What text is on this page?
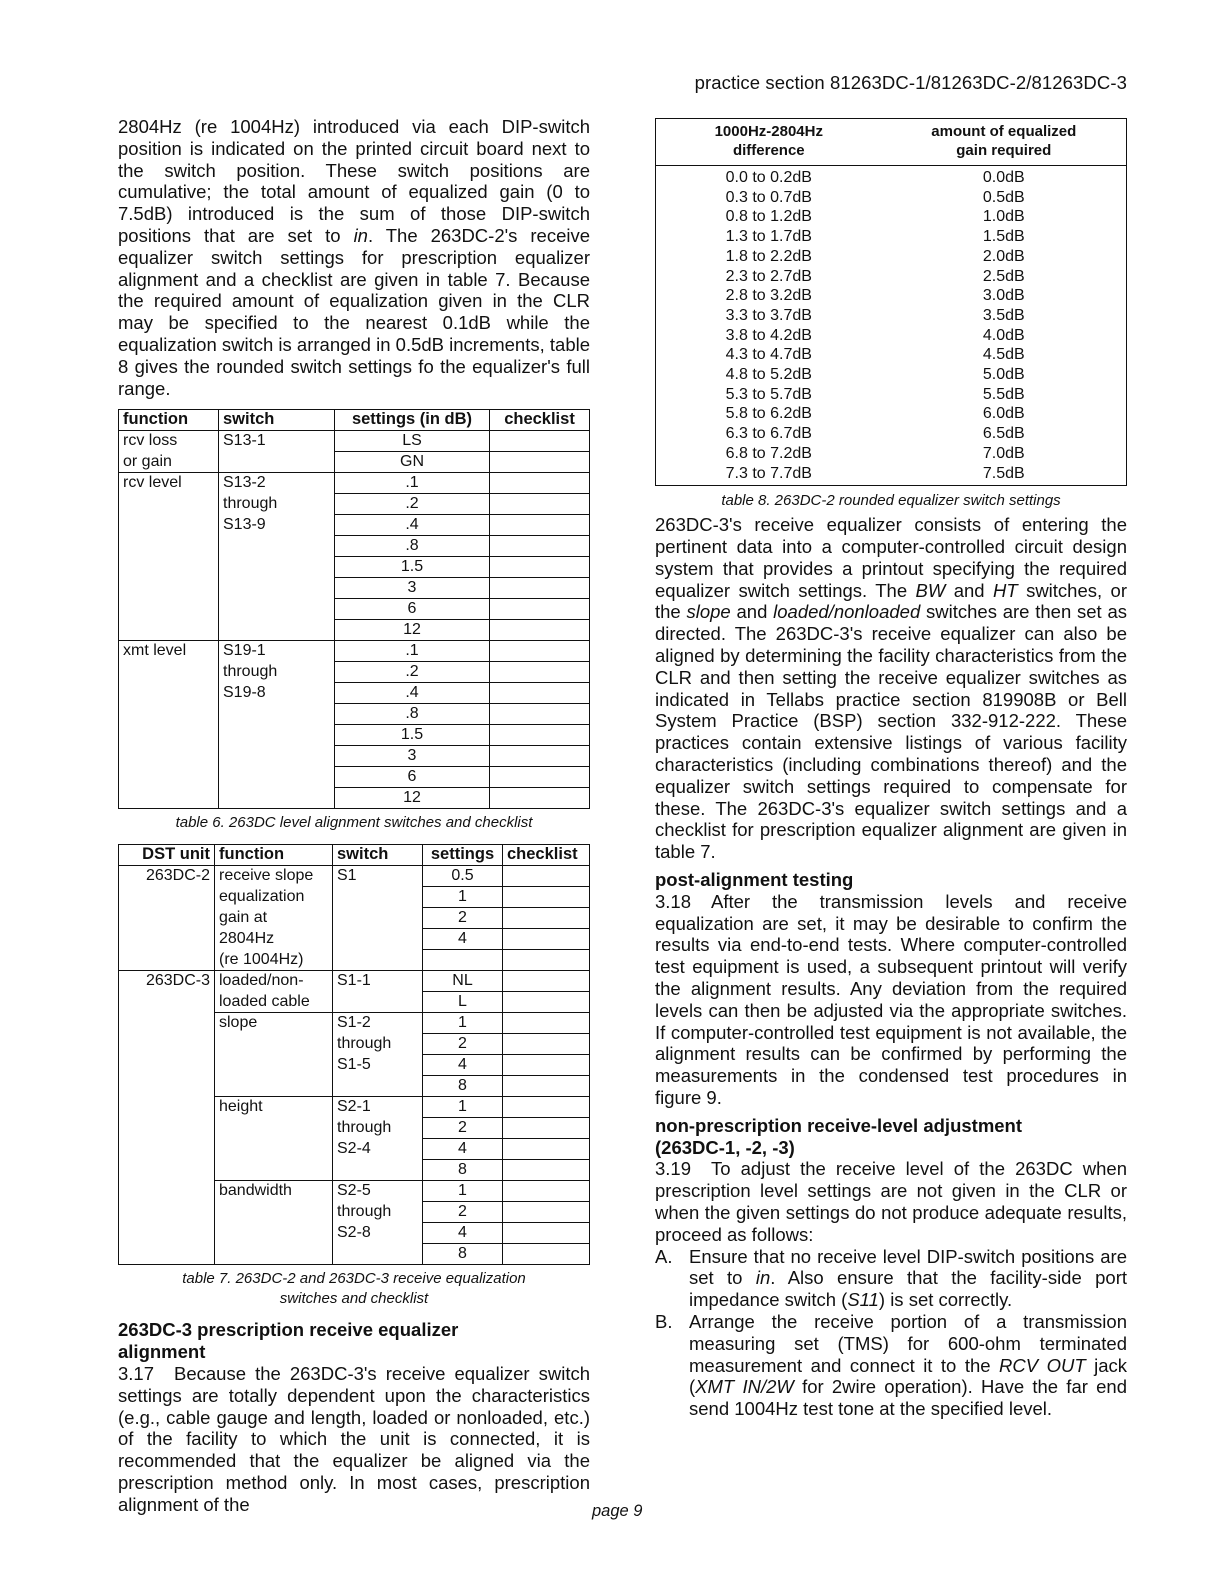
practice section 81263DC-1/81263DC-2/81263DC-3

2804Hz (re 1004Hz) introduced via each DIP-switch position is indicated on the printed circuit board next to the switch position. These switch positions are cumulative; the total amount of equalized gain (0 to 7.5dB) introduced is the sum of those DIP-switch positions that are set to in. The 263DC-2's receive equalizer switch settings for prescription equalizer alignment and a checklist are given in table 7. Because the required amount of equalization given in the CLR may be specified to the nearest 0.1dB while the equalization switch is arranged in 0.5dB increments, table 8 gives the rounded switch settings fo the equalizer's full range.

function	switch	settings (in dB)	checklist
rcv loss	S13-1	LS	
or gain		GN	
rcv level	S13-2	.1	
	through	.2	
	S13-9	.4	
		.8	
		1.5	
		3	
		6	
		12	
xmt level	S19-1	.1	
	through	.2	
	S19-8	.4	
		.8	
		1.5	
		3	
		6	
		12	
table 6. 263DC level alignment switches and checklist
DST unit	function	switch	settings	checklist
263DC-2	receive slope	S1	0.5	
	equalization		1	
	gain at		2	
	2804Hz		4	
	(re 1004Hz)			
263DC-3	loaded/non-	S1-1	NL	
	loaded cable		L	
	slope	S1-2	1	
		through	2	
		S1-5	4	
			8	
	height	S2-1	1	
		through	2	
		S2-4	4	
			8	
	bandwidth	S2-5	1	
		through	2	
		S2-8	4	
			8	
table 7. 263DC-2 and 263DC-3 receive equalization
switches and checklist
263DC-3 prescription receive equalizer
alignment

3.17 Because the 263DC-3's receive equalizer switch settings are totally dependent upon the characteristics (e.g., cable gauge and length, loaded or nonloaded, etc.) of the facility to which the unit is connected, it is recommended that the equalizer be aligned via the prescription method only. In most cases, prescription alignment of the

1000Hz-2804Hz
difference

amount of equalized
gain required

0.0 to 0.2dB	0.0dB
0.3 to 0.7dB	0.5dB
0.8 to 1.2dB	1.0dB
1.3 to 1.7dB	1.5dB
1.8 to 2.2dB	2.0dB
2.3 to 2.7dB	2.5dB
2.8 to 3.2dB	3.0dB
3.3 to 3.7dB	3.5dB
3.8 to 4.2dB	4.0dB
4.3 to 4.7dB	4.5dB
4.8 to 5.2dB	5.0dB
5.3 to 5.7dB	5.5dB
5.8 to 6.2dB	6.0dB
6.3 to 6.7dB	6.5dB
6.8 to 7.2dB	7.0dB
7.3 to 7.7dB	7.5dB
table 8. 263DC-2 rounded equalizer switch settings

263DC-3's receive equalizer consists of entering the pertinent data into a computer-controlled circuit design system that provides a printout specifying the required equalizer switch settings. The BW and HT switches, or the slope and loaded/nonloaded switches are then set as directed. The 263DC-3's receive equalizer can also be aligned by determining the facility characteristics from the CLR and then setting the receive equalizer switches as indicated in Tellabs practice section 819908B or Bell System Practice (BSP) section 332-912-222. These practices contain extensive listings of various facility characteristics (including combinations thereof) and the equalizer switch settings required to compensate for these. The 263DC-3's equalizer switch settings and a checklist for prescription equalizer alignment are given in table 7.

post-alignment testing

3.18 After the transmission levels and receive equalization are set, it may be desirable to confirm the results via end-to-end tests. Where computer-controlled test equipment is used, a subsequent printout will verify the alignment results. Any deviation from the required levels can then be adjusted via the appropriate switches. If computer-controlled test equipment is not available, the alignment results can be confirmed by performing the measurements in the condensed test procedures in figure 9.

non-prescription receive-level adjustment
(263DC-1, -2, -3)

3.19 To adjust the receive level of the 263DC when prescription level settings are not given in the CLR or when the given settings do not produce adequate results, proceed as follows:

A. Ensure that no receive level DIP-switch positions are set to in. Also ensure that the facility-side port impedance switch (S11) is set correctly.

B. Arrange the receive portion of a transmission measuring set (TMS) for 600-ohm terminated measurement and connect it to the RCV OUT jack (XMT IN/2W for 2wire operation). Have the far end send 1004Hz test tone at the specified level.

page 9
